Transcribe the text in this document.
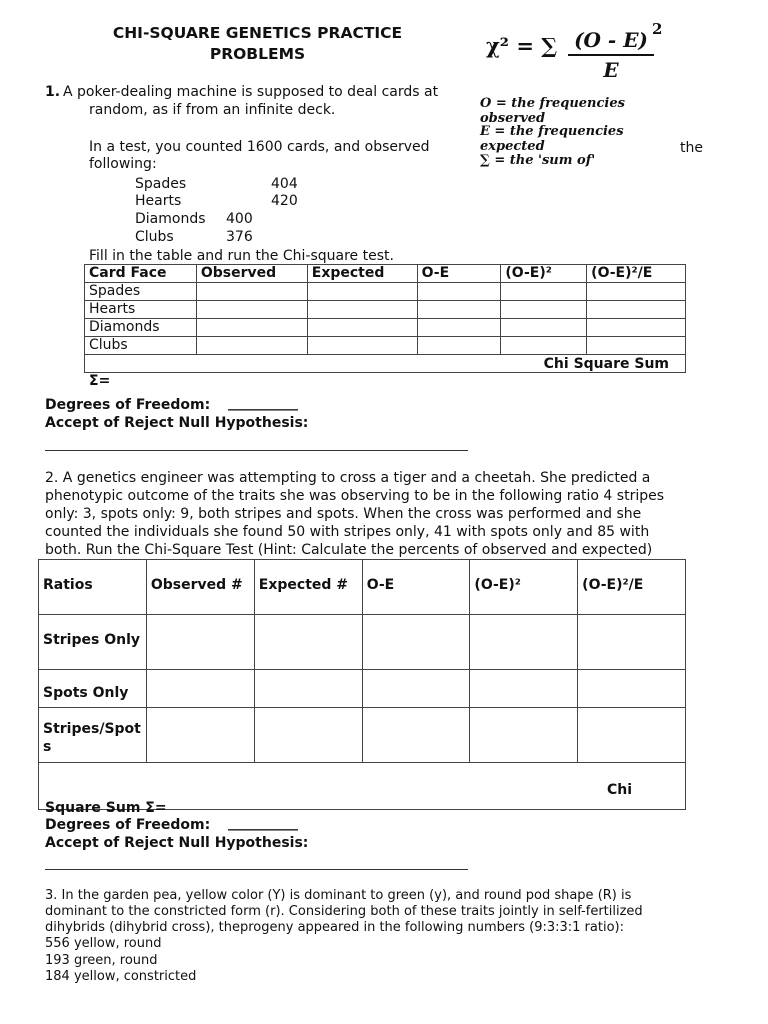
CHI-SQUARE GENETICS PRACTICE
PROBLEMS	χ² = ∑ $\frac{(O - E)}{E}$
2
O = the frequencies observed
E = the frequencies expected
∑ = the 'sum of'
1. A poker-dealing machine is supposed to deal cards at
random, as if from an infinite deck.
In a test, you counted 1600 cards, and observed	the
following:
Spades	404
Hearts	420
Diamonds 400
Clubs	376
Fill in the table and run the Chi-square test.
Card Face	Observed	Expected	O-E	(O-E)²	(O-E)²/E
Spades					
Hearts					
Diamonds					
Clubs					

Chi Square Sum
Σ=					
Degrees of Freedom: __________
Accept of Reject Null Hypothesis:
2. A genetics engineer was attempting to cross a tiger and a cheetah. She predicted a
phenotypic outcome of the traits she was observing to be in the following ratio 4 stripes
only: 3, spots only: 9, both stripes and spots. When the cross was performed and she
counted the individuals she found 50 with stripes only, 41 with spots only and 85 with
both. Run the Chi-Square Test (Hint: Calculate the percents of observed and expected)
Ratios	Observed #	Expected #	O-E	(O-E)²	(O-E)²/E
Stripes Only					
Spots Only					
Stripes/Spots					

Chi
Square Sum Σ=					
Degrees of Freedom: __________
Accept of Reject Null Hypothesis:
3. In the garden pea, yellow color (Y) is dominant to green (y), and round pod shape (R) is
dominant to the constricted form (r). Considering both of these traits jointly in self-fertilized
dihybrids (dihybrid cross), theprogeny appeared in the following numbers (9:3:3:1 ratio):
556 yellow, round
193 green, round
184 yellow, constricted
